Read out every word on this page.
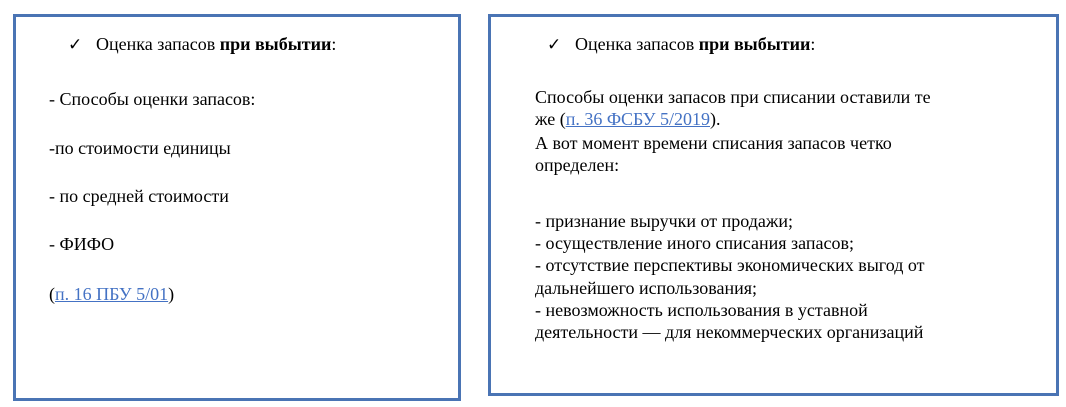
✓ Оценка запасов при выбытии:
- Способы оценки запасов:
-по стоимости единицы
- по средней стоимости
- ФИФО
(п. 16 ПБУ 5/01)
✓ Оценка запасов при выбытии:
Способы оценки запасов при списании оставили те
же (п. 36 ФСБУ 5/2019).
А вот момент времени списания запасов четко
определен:
- признание выручки от продажи;
- осуществление иного списания запасов;
- отсутствие перспективы экономических выгод от
дальнейшего использования;
- невозможность использования в уставной
деятельности — для некоммерческих организаций
